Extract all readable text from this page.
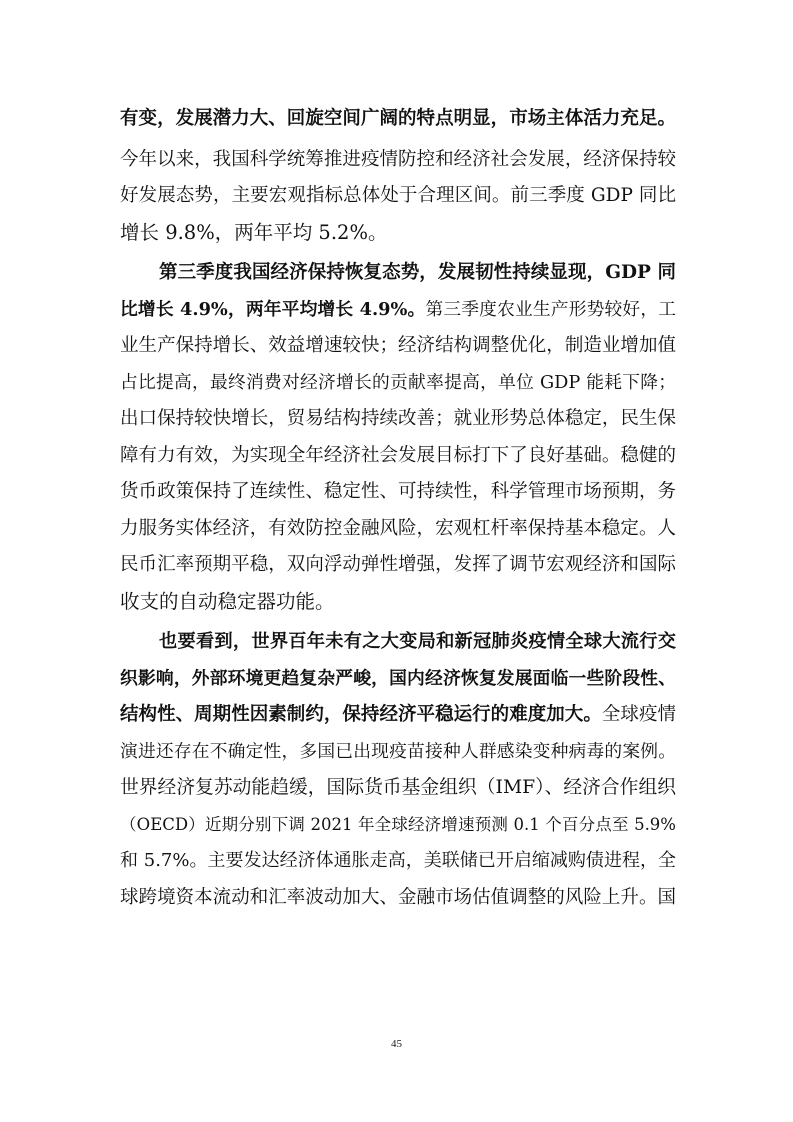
有变，发展潜力大、回旋空间广阔的特点明显，市场主体活力充足。
今年以来，我国科学统筹推进疫情防控和经济社会发展，经济保持较
好发展态势，主要宏观指标总体处于合理区间。前三季度 GDP 同比
增长 9.8%，两年平均 5.2%。
第三季度我国经济保持恢复态势，发展韧性持续显现，GDP 同
比增长 4.9%，两年平均增长 4.9%。第三季度农业生产形势较好，工
业生产保持增长、效益增速较快；经济结构调整优化，制造业增加值
占比提高，最终消费对经济增长的贡献率提高，单位 GDP 能耗下降；
出口保持较快增长，贸易结构持续改善；就业形势总体稳定，民生保
障有力有效，为实现全年经济社会发展目标打下了良好基础。稳健的
货币政策保持了连续性、稳定性、可持续性，科学管理市场预期，务
力服务实体经济，有效防控金融风险，宏观杠杆率保持基本稳定。人
民币汇率预期平稳，双向浮动弹性增强，发挥了调节宏观经济和国际
收支的自动稳定器功能。
也要看到，世界百年未有之大变局和新冠肺炎疫情全球大流行交
织影响，外部环境更趋复杂严峻，国内经济恢复发展面临一些阶段性、
结构性、周期性因素制约，保持经济平稳运行的难度加大。全球疫情
演进还存在不确定性，多国已出现疫苗接种人群感染变种病毒的案例。
世界经济复苏动能趋缓，国际货币基金组织（IMF）、经济合作组织
（OECD）近期分别下调 2021 年全球经济增速预测 0.1 个百分点至 5.9%
和 5.7%。主要发达经济体通胀走高，美联储已开启缩减购债进程，全
球跨境资本流动和汇率波动加大、金融市场估值调整的风险上升。国
45
